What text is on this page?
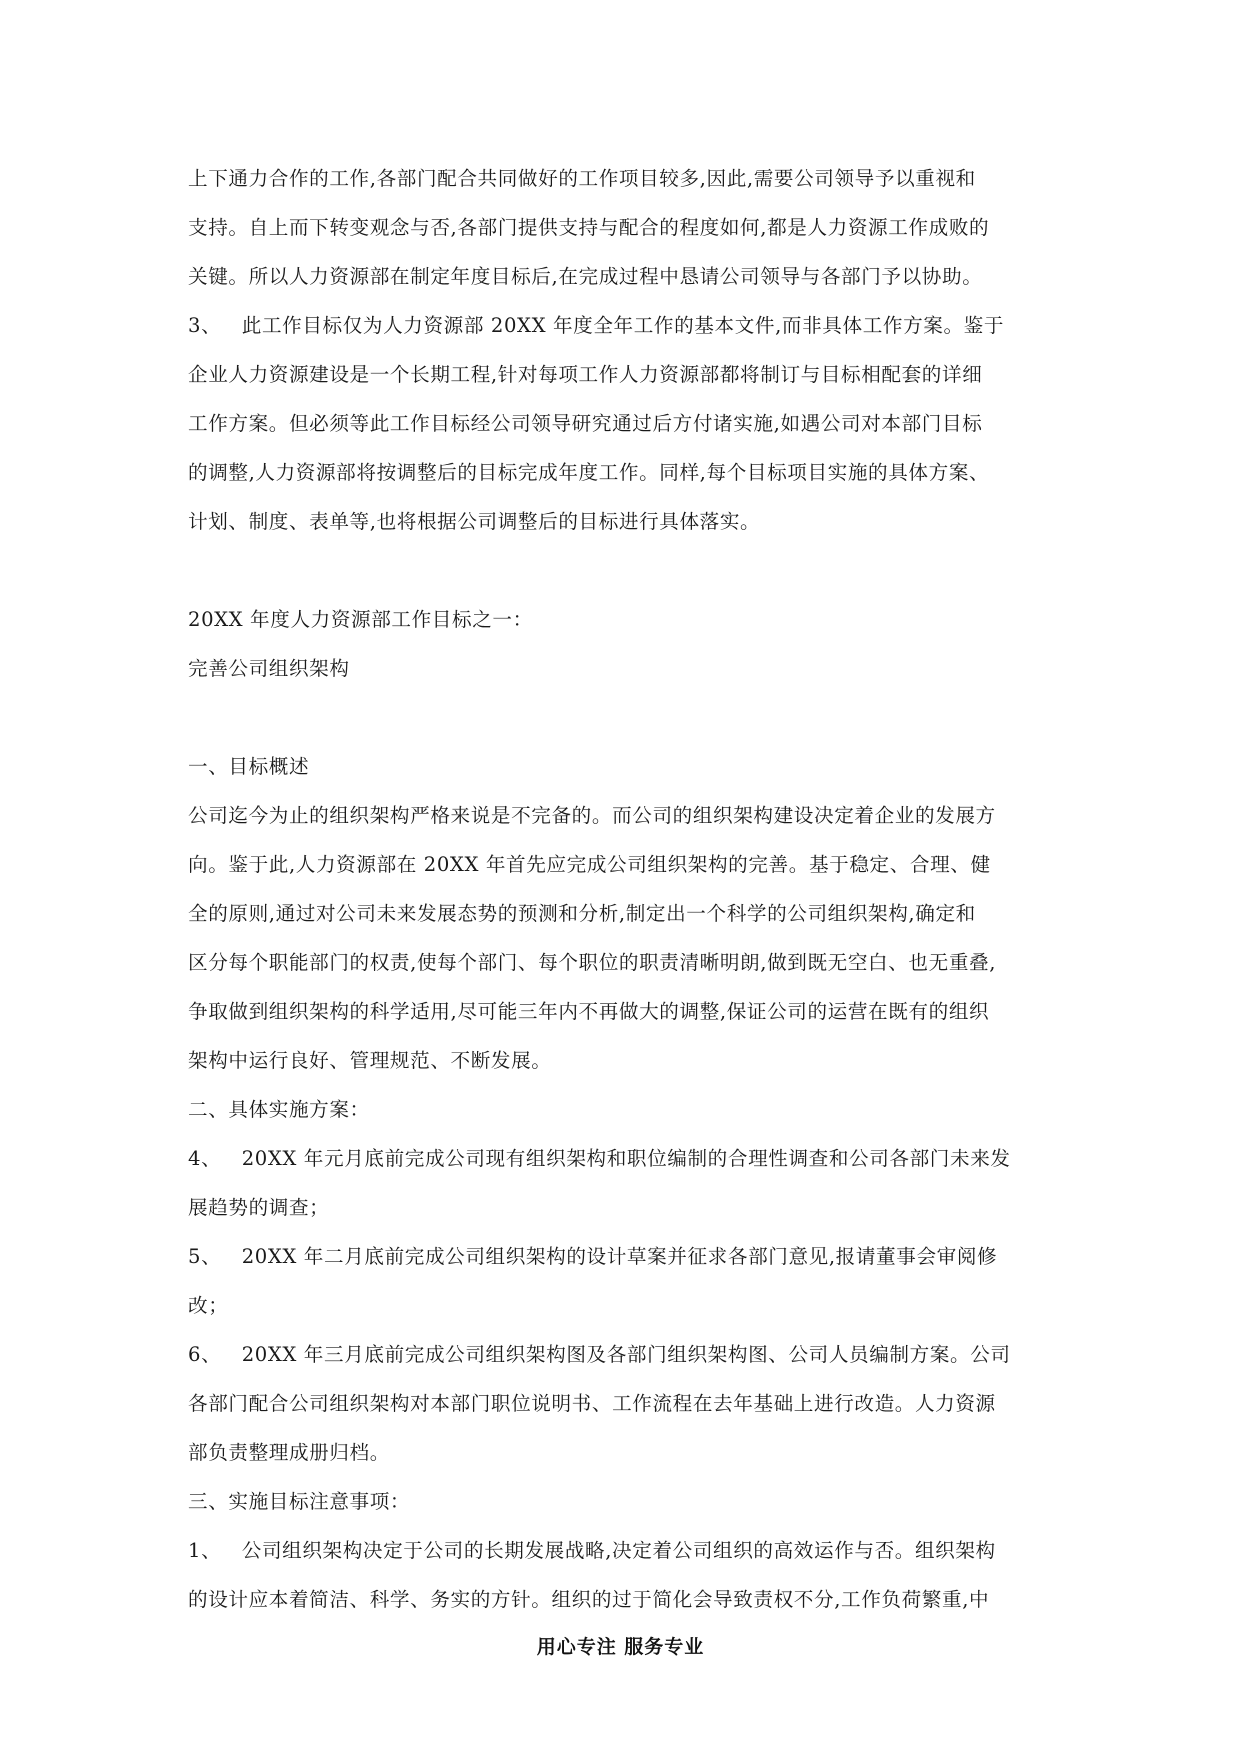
上下通力合作的工作,各部门配合共同做好的工作项目较多,因此,需要公司领导予以重视和

支持。自上而下转变观念与否,各部门提供支持与配合的程度如何,都是人力资源工作成败的

关键。所以人力资源部在制定年度目标后,在完成过程中恳请公司领导与各部门予以协助。

3、   此工作目标仅为人力资源部 20XX 年度全年工作的基本文件,而非具体工作方案。鉴于

企业人力资源建设是一个长期工程,针对每项工作人力资源部都将制订与目标相配套的详细

工作方案。但必须等此工作目标经公司领导研究通过后方付诸实施,如遇公司对本部门目标

的调整,人力资源部将按调整后的目标完成年度工作。同样,每个目标项目实施的具体方案、

计划、制度、表单等,也将根据公司调整后的目标进行具体落实。

20XX 年度人力资源部工作目标之一：

完善公司组织架构

一、目标概述

公司迄今为止的组织架构严格来说是不完备的。而公司的组织架构建设决定着企业的发展方

向。鉴于此,人力资源部在 20XX 年首先应完成公司组织架构的完善。基于稳定、合理、健

全的原则,通过对公司未来发展态势的预测和分析,制定出一个科学的公司组织架构,确定和

区分每个职能部门的权责,使每个部门、每个职位的职责清晰明朗,做到既无空白、也无重叠,

争取做到组织架构的科学适用,尽可能三年内不再做大的调整,保证公司的运营在既有的组织

架构中运行良好、管理规范、不断发展。

二、具体实施方案：

4、   20XX 年元月底前完成公司现有组织架构和职位编制的合理性调查和公司各部门未来发

展趋势的调查；

5、   20XX 年二月底前完成公司组织架构的设计草案并征求各部门意见,报请董事会审阅修

改；

6、   20XX 年三月底前完成公司组织架构图及各部门组织架构图、公司人员编制方案。公司

各部门配合公司组织架构对本部门职位说明书、工作流程在去年基础上进行改造。人力资源

部负责整理成册归档。

三、实施目标注意事项：

1、   公司组织架构决定于公司的长期发展战略,决定着公司组织的高效运作与否。组织架构

的设计应本着简洁、科学、务实的方针。组织的过于简化会导致责权不分,工作负荷繁重,中

用心专注 服务专业
